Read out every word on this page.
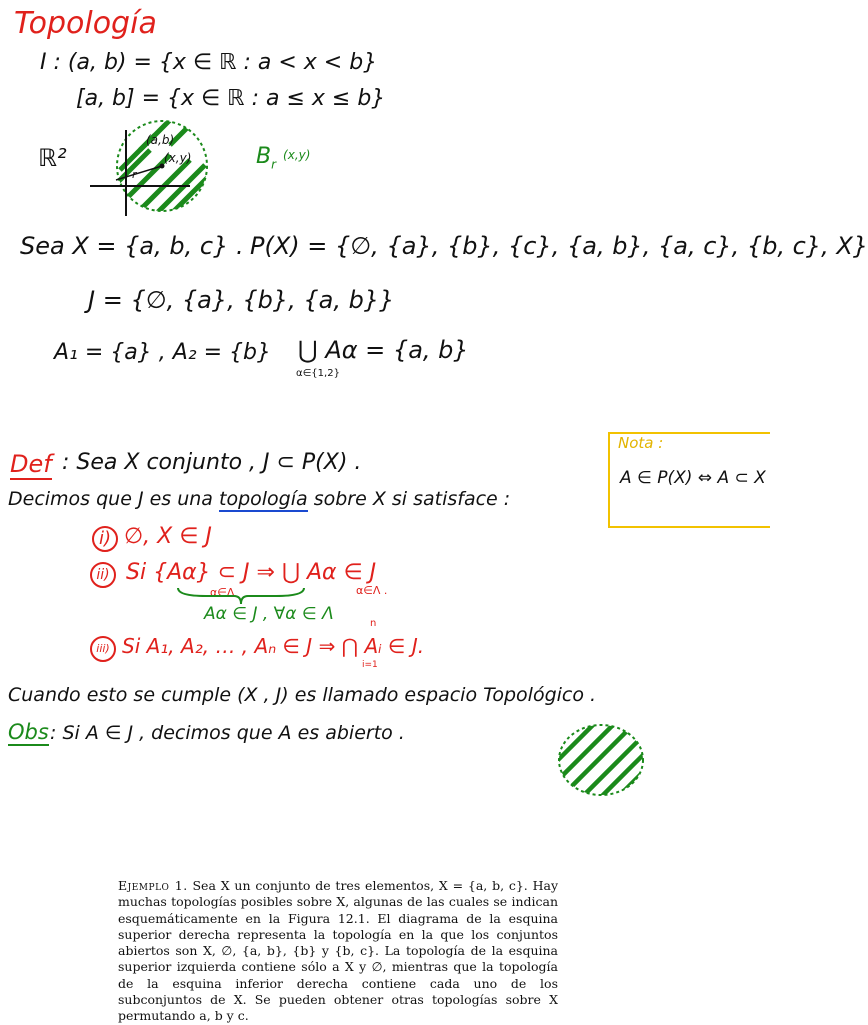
Topología
I : (a, b) = {x ∈ ℝ : a < x < b}
[a, b] = {x ∈ ℝ : a ≤ x ≤ b}
ℝ²
(a,b)
(x,y)
r
$B_r$ (x,y)
Sea X = {a, b, c} . P(X) = {∅, {a}, {b}, {c}, {a, b}, {a, c}, {b, c}, X}
J = {∅, {a}, {b}, {a, b}}
A₁ = {a} , A₂ = {b} ⋃ Aα = {a, b}
α∈{1,2}
Def : Sea X conjunto , J ⊂ P(X) .
Decimos que J es una topología sobre X si satisface :
i) ∅, X ∈ J
ii) Si {Aα} ⊂ J ⇒ ⋃ Aα ∈ J
α∈Λ	α∈Λ .
Aα ∈ J , ∀α ∈ Λ
iii) Si A₁, A₂, … , Aₙ ∈ J ⇒ ⋂ Aᵢ ∈ J.
n
i=1
Cuando esto se cumple (X , J) es llamado espacio Topológico .
Obs : Si A ∈ J , decimos que A es abierto .
Nota :
A ∈ P(X) ⇔ A ⊂ X
Ejemplo 1. Sea X un conjunto de tres elementos, X = {a, b, c}. Hay muchas topologías posibles sobre X, algunas de las cuales se indican esquemáticamente en la Figura 12.1. El diagrama de la esquina superior derecha representa la topología en la que los conjuntos abiertos son X, ∅, {a, b}, {b} y {b, c}. La topología de la esquina superior izquierda contiene sólo a X y ∅, mientras que la topología de la esquina inferior derecha contiene cada uno de los subconjuntos de X. Se pueden obtener otras topologías sobre X permutando a, b y c.
